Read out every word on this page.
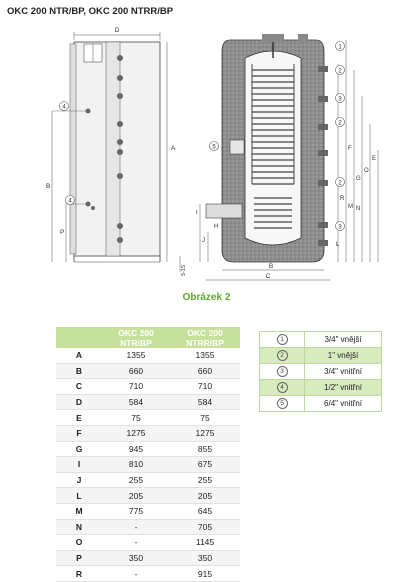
OKC 200 NTR/BP, OKC 200 NTRR/BP
D
A
B
P
4
4
5-15	B
C
F
E
O
G
R
M N
L
J
I
H
1
2
3
2
2
3
5
Obrázek 2
	OKC 200 NTR/BP	OKC 200 NTRR/BP
A	1355	1355
B	660	660
C	710	710
D	584	584
E	75	75
F	1275	1275
G	945	855
I	810	675
J	255	255
L	205	205
M	775	645
N	-	705
O	-	1145
P	350	350
R	-	915
1	3/4" vnější
2	1" vnější
3	3/4" vnitřní
4	1/2" vnitřní
5	6/4" vnitřní
